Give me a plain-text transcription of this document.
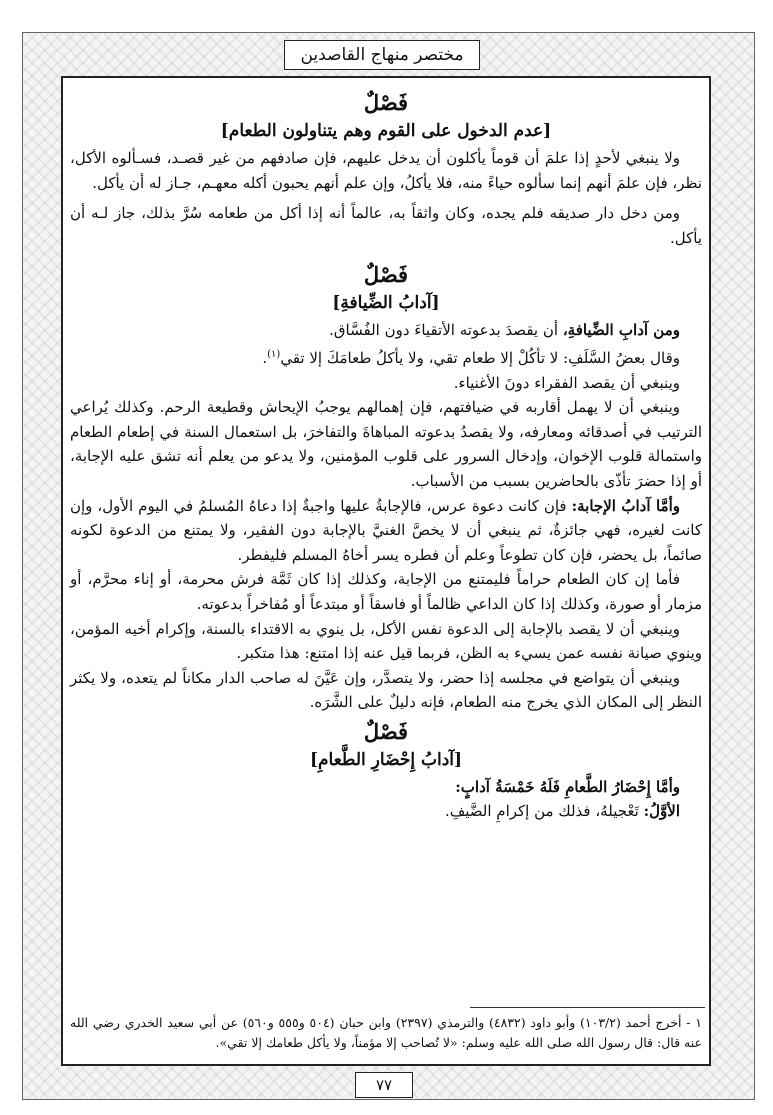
مختصر منهاج القاصدين

فَصْلٌ

[عدم الدخول على القوم وهم يتناولون الطعام]

ولا ينبغي لأحدٍ إذا علمَ أن قوماً يأكلون أن يدخل عليهم، فإن صادفهم من غير قصـد، فسـألوه الأكل، نظر، فإن علمَ أنهم إنما سألوه حياءً منه، فلا يأكلُ، وإن علم أنهم يحبون أكله معهـم، جـاز له أن يأكل.

ومن دخل دار صديقه فلم يجده، وكان واثقاً به، عالماً أنه إذا أكل من طعامه سُرَّ بذلك، جاز لـه أن يأكل.

فَصْلٌ

[آدابُ الضِّيافةِ]

ومن آدابِ الضِّيافةِ، أن يقصدَ بدعوته الأتقياءَ دون الفُسَّاق.

وقال بعضُ السَّلَفِ: لا تأكُلْ إلا طعام تقي، ولا يأكلُ طعامَكَ إلا تقي$^{(١)}$.

وينبغي أن يقصد الفقراء دونَ الأغنياء.

وينبغي أن لا يهمل أقاربه في ضيافتهم، فإن إهمالهم يوجبُ الإيحاش وقطيعة الرحم. وكذلك يُراعي الترتيب في أصدقائه ومعارفه، ولا يقصدُ بدعوته المباهاةَ والتفاخرَ، بل استعمال السنة في إطعام الطعام واستمالة قلوب الإخوان، وإدخال السرور على قلوب المؤمنين، ولا يدعو من يعلم أنه تشق عليه الإجابة، أو إذا حضرَ تأذّى بالحاضرين بسبب من الأسباب.

وأمَّا آدابُ الإجابة: فإن كانت دعوة عرس، فالإجابةُ عليها واجبةٌ إذا دعاهُ المُسلمُ في اليوم الأول، وإن كانت لغيره، فهي جائزةٌ، ثم ينبغي أن لا يخصَّ الغنيَّ بالإجابة دون الفقير، ولا يمتنع من الدعوة لكونه صائماً، بل يحضر، فإن كان تطوعاً وعلم أن فطره يسر أخاهُ المسلم فليفطر.

فأما إن كان الطعام حراماً فليمتنع من الإجابة، وكذلك إذا كان ثَمَّة فرش محرمة، أو إناء محرَّم، أو مزمار أو صورة، وكذلك إذا كان الداعي ظالماً أو فاسقاً أو مبتدعاً أو مُفاخراً بدعوته.

وينبغي أن لا يقصد بالإجابة إلى الدعوة نفس الأكل، بل ينوي به الاقتداء بالسنة، وإكرام أخيه المؤمن، وينوي صيانة نفسه عمن يسيء به الظن، فربما قيل عنه إذا امتنع: هذا متكبر.

وينبغي أن يتواضع في مجلسه إذا حضر، ولا يتصدَّر، وإن عَيَّنَ له صاحب الدار مكاناً لم يتعده، ولا يكثر النظر إلى المكان الذي يخرج منه الطعام، فإنه دليلٌ على الشَّرَه.

فَصْلٌ

[آدابُ إِحْضَارِ الطَّعامِ]

وأمَّا إِحْضَارُ الطَّعامِ فَلَهُ خَمْسَةُ آدابٍ:

الأوَّلُ: تَعْجيلهُ، فذلك من إكرامِ الضَّيفِ.

١ - أخرج أحمد (١٠٣/٢) وأبو داود (٤٨٣٢) والترمذي (٢٣٩٧) وابن حبان (٥٠٤ و٥٥٥ و٥٦٠) عن أبي سعيد الخدري رضي الله عنه قال: قال رسول الله صلى الله عليه وسلم: «لا تُصاحب إلا مؤمناً، ولا يأكل طعامك إلا تقي».
٧٧
